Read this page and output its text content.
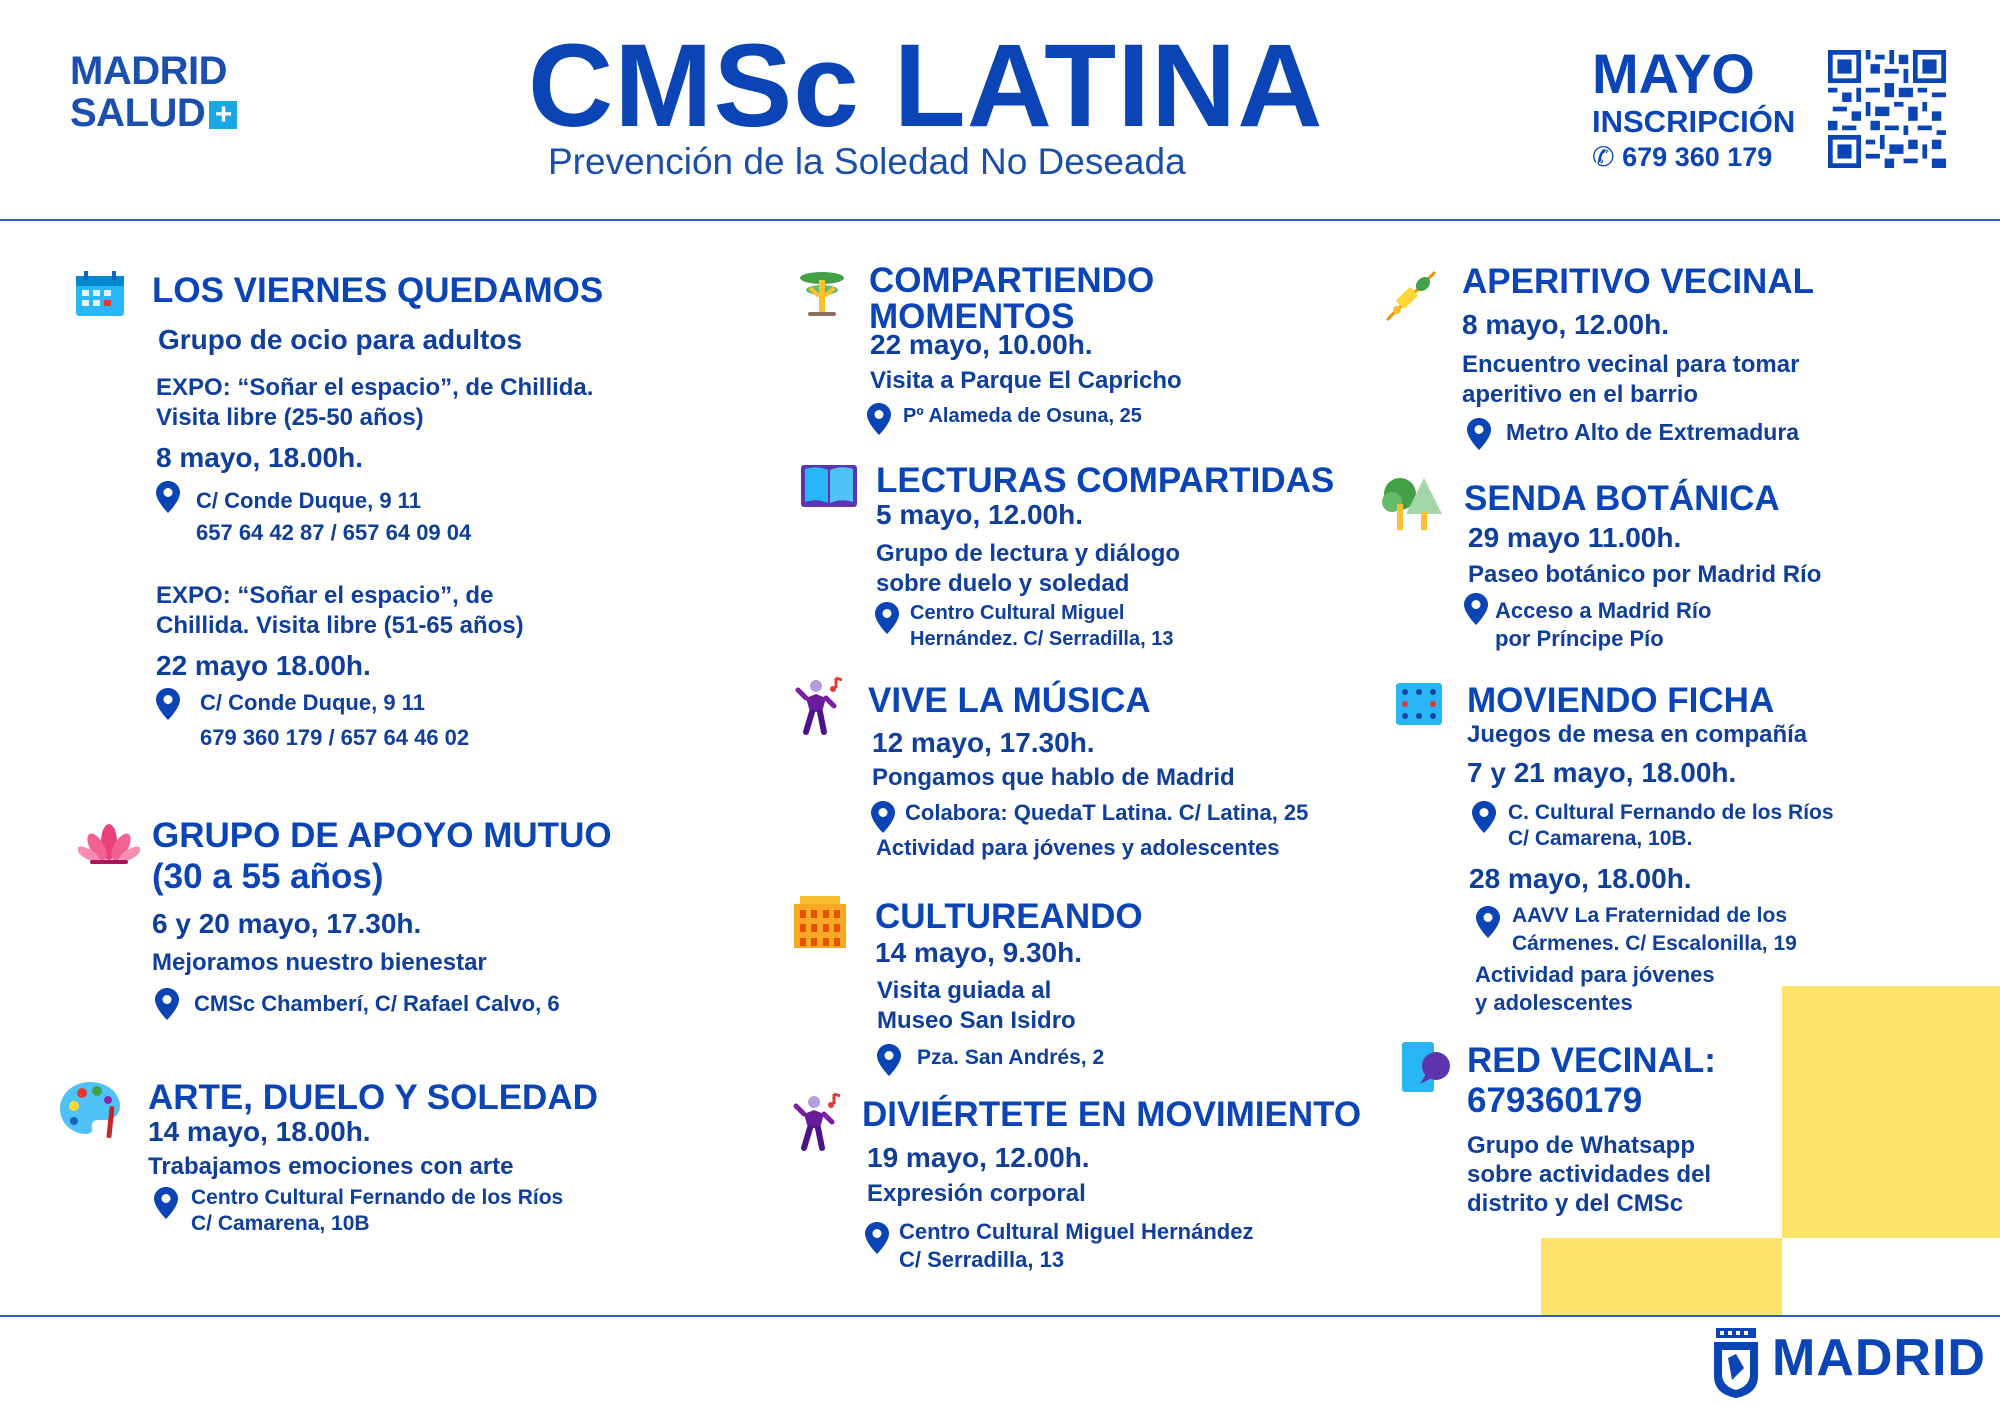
MADRID
SALUD +	CMSc LATINA
Prevención de la Soledad No Deseada
MAYO
INSCRIPCIÓN
✆ 679 360 179
LOS VIERNES QUEDAMOS
Grupo de ocio para adultos
EXPO: “Soñar el espacio”, de Chillida.
Visita libre (25-50 años)
8 mayo, 18.00h.
C/ Conde Duque, 9 11
657 64 42 87 / 657 64 09 04
EXPO: “Soñar el espacio”, de
Chillida. Visita libre (51-65 años)
22 mayo 18.00h.
C/ Conde Duque, 9 11
679 360 179 / 657 64 46 02
GRUPO DE APOYO MUTUO
(30 a 55 años)
6 y 20 mayo, 17.30h.
Mejoramos nuestro bienestar
CMSc Chamberí, C/ Rafael Calvo, 6
ARTE, DUELO Y SOLEDAD
14 mayo, 18.00h.
Trabajamos emociones con arte
Centro Cultural Fernando de los Ríos
C/ Camarena, 10B
COMPARTIENDO
MOMENTOS
22 mayo, 10.00h.
Visita a Parque El Capricho
Pº Alameda de Osuna, 25
LECTURAS COMPARTIDAS
5 mayo, 12.00h.
Grupo de lectura y diálogo
sobre duelo y soledad
Centro Cultural Miguel
Hernández. C/ Serradilla, 13
VIVE LA MÚSICA
12 mayo, 17.30h.
Pongamos que hablo de Madrid
Colabora: QuedaT Latina. C/ Latina, 25
Actividad para jóvenes y adolescentes
CULTUREANDO
14 mayo, 9.30h.
Visita guiada al
Museo San Isidro
Pza. San Andrés, 2
DIVIÉRTETE EN MOVIMIENTO
19 mayo, 12.00h.
Expresión corporal
Centro Cultural Miguel Hernández
C/ Serradilla, 13
APERITIVO VECINAL
8 mayo, 12.00h.
Encuentro vecinal para tomar
aperitivo en el barrio
Metro Alto de Extremadura
SENDA BOTÁNICA
29 mayo 11.00h.
Paseo botánico por Madrid Río
Acceso a Madrid Río
por Príncipe Pío
MOVIENDO FICHA
Juegos de mesa en compañía
7 y 21 mayo, 18.00h.
C. Cultural Fernando de los Ríos
C/ Camarena, 10B.
28 mayo, 18.00h.
AAVV La Fraternidad de los
Cármenes. C/ Escalonilla, 19
Actividad para jóvenes
y adolescentes
RED VECINAL:
679360179
Grupo de Whatsapp
sobre actividades del
distrito y del CMSc
MADRID
